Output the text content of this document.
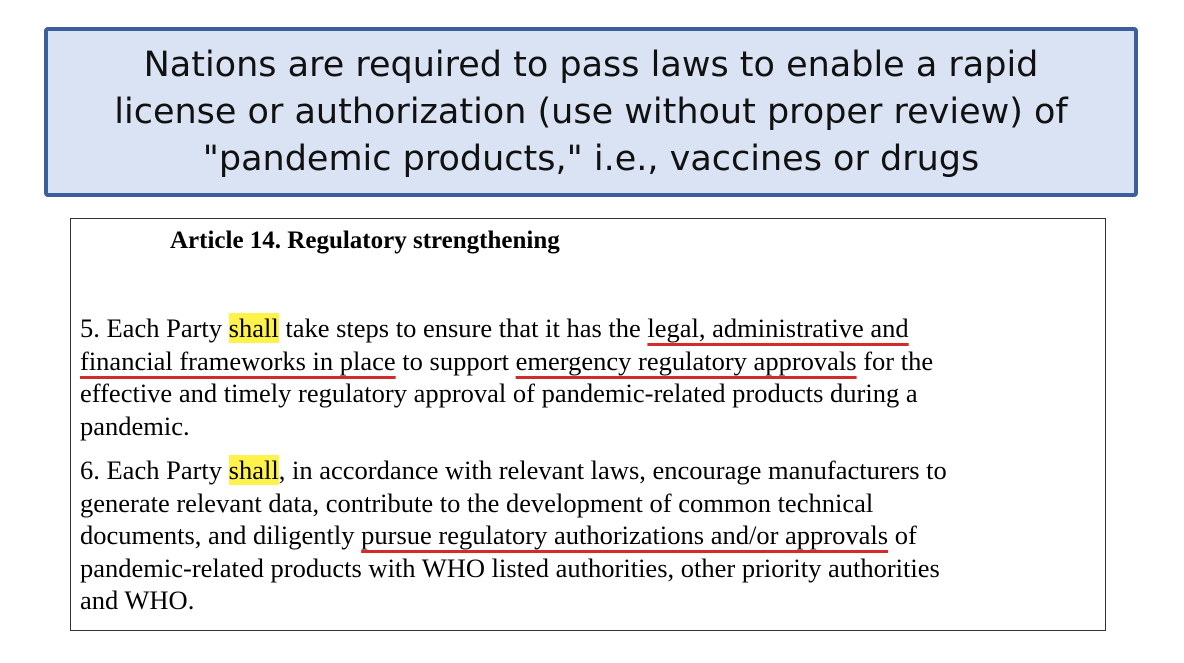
Nations are required to pass laws to enable a rapid
license or authorization (use without proper review) of
"pandemic products," i.e., vaccines or drugs
Article 14. Regulatory strengthening

5. Each Party shall take steps to ensure that it has the legal, administrative and
financial frameworks in place to support emergency regulatory approvals for the
effective and timely regulatory approval of pandemic-related products during a
pandemic.

6. Each Party shall, in accordance with relevant laws, encourage manufacturers to
generate relevant data, contribute to the development of common technical
documents, and diligently pursue regulatory authorizations and/or approvals of
pandemic-related products with WHO listed authorities, other priority authorities
and WHO.
